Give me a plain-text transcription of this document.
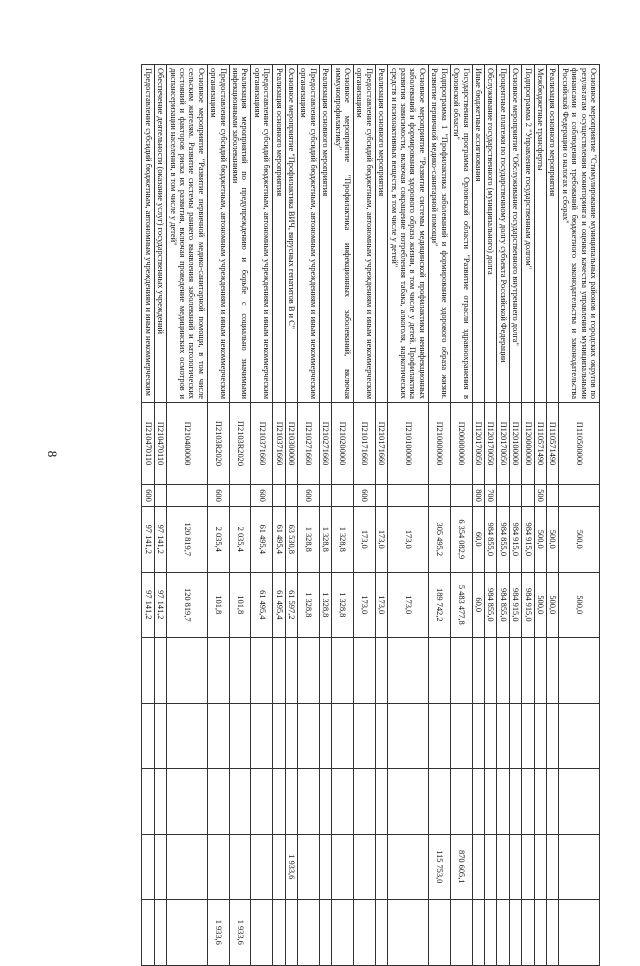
8
Основное мероприятие "Стимулирование муниципальных районов и городских округов по результатам осуществления мониторинга и оценки качества управления муниципальными финансами и соблюдения требований бюджетного законодательства и законодательства Российской Федерации о налогах и сборах"	П110500000		500,0	500,0					
Реализация основного мероприятия	П110571490		500,0	500,0					
Межбюджетные трансферты	П110571490	500	500,0	500,0					
Подпрограмма 2 "Управление государственным долгом"	П120000000		984 915,0	984 915,0					
Основное мероприятие "Обслуживание государственного внутреннего долга"	П120100000		984 915,0	984 915,0					
Процентные платежи по государственному долгу субъекта Российской Федерации	П120170050		984 855,0	984 855,0					
Обслуживание государственного (муниципального) долга	П120170050	700	984 855,0	984 855,0					
Иные бюджетные ассигнования	П120170050	800	60,0	60,0					
Государственная программа Орловской области "Развитие отрасли здравоохранения в Орловской области"	П200000000		6 354 082,9	5 483 477,8				870 605,1	
Подпрограмма 1 "Профилактика заболеваний и формирование здорового образа жизни. Развитие первичной медико-санитарной помощи"	П210000000		305 495,2	189 742,2				115 753,0	
Основное мероприятие "Развитие системы медицинской профилактики неинфекционных заболеваний и формирования здорового образа жизни, в том числе у детей. Профилактика развития зависимости, включая сокращение потребления табака, алкоголя, наркотических средств и психоактивных веществ, в том числе у детей"	П210100000		173,0	173,0					
Реализация основного мероприятия	П210171660		173,0	173,0					
Предоставление субсидий бюджетным, автономным учреждениям и иным некоммерческим организациям	П210171660	600	173,0	173,0					
Основное мероприятие "Профилактика инфекционных заболеваний, включая иммунопрофилактику"	П210200000		1 328,8	1 328,8					
Реализация основного мероприятия	П210271660		1 328,8	1 328,8					
Предоставление субсидий бюджетным, автономным учреждениям и иным некоммерческим организациям	П210271660	600	1 328,8	1 328,8					
Основное мероприятие "Профилактика ВИЧ, вирусных гепатитов В и С"	П210300000		63 530,8	61 597,2				1 933,6	
Реализация основного мероприятия	П210371660		61 495,4	61 495,4					
Предоставление субсидий бюджетным, автономным учреждениям и иным некоммерческим организациям	П210371660	600	61 495,4	61 495,4					
Реализация мероприятий по предупреждению и борьбе с социально значимыми инфекционными заболеваниями	П2103R2020		2 035,4	101,8					1 933,6
Предоставление субсидий бюджетным, автономным учреждениям и иным некоммерческим организациям	П2103R2020	600	2 035,4	101,8					1 933,6
Основное мероприятие "Развитие первичной медико-санитарной помощи, в том числе сельским жителям. Развитие системы раннего выявления заболеваний и патологических состояний и факторов риска их развития, включая проведение медицинских осмотров и диспансеризации населения, в том числе у детей"	П210400000		120 819,7	120 819,7					
Обеспечение деятельности (оказание услуг) государственных учреждений	П210470110		97 141,2	97 141,2					
Предоставление субсидий бюджетным, автономным учреждениям и иным некоммерческим	П210470110	600	97 141,2	97 141,2					
